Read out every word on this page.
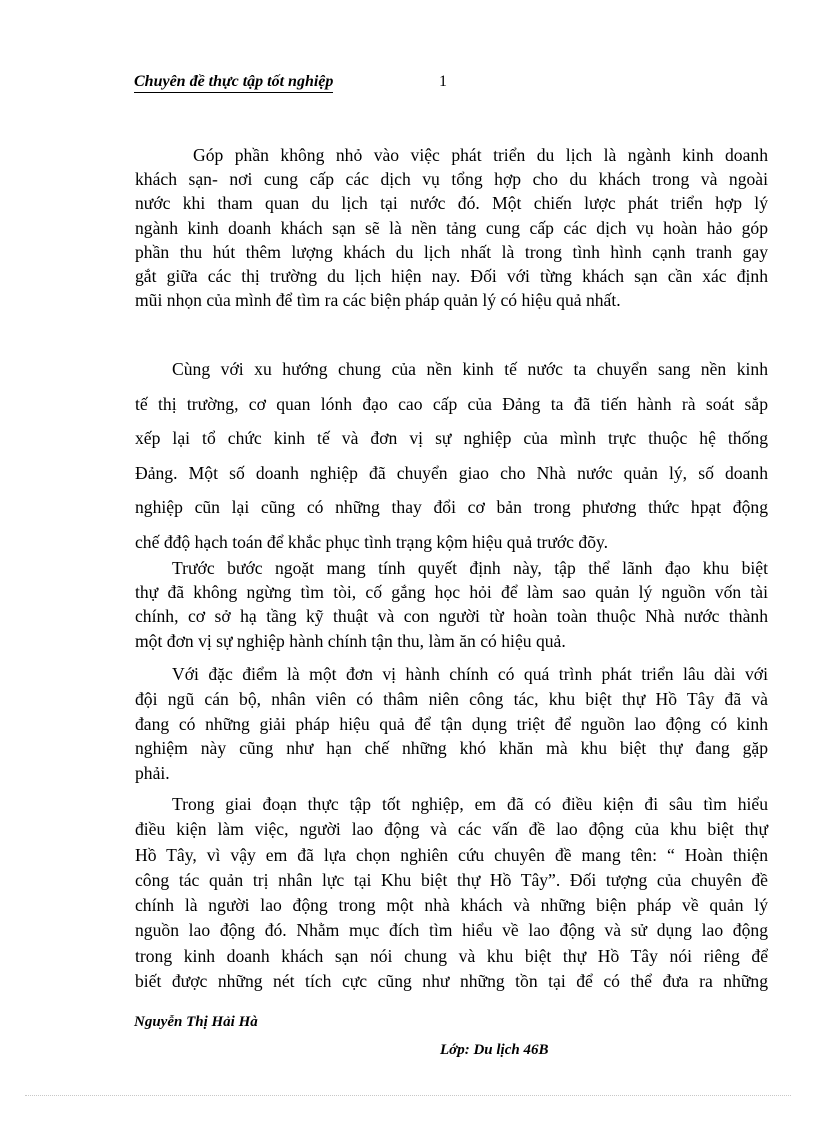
Chuyên đề thực tập tốt nghiệp	1
Góp phần không nhỏ vào việc phát triển du lịch là ngành kinh doanh
khách sạn- nơi cung cấp các dịch vụ tổng hợp cho du khách trong và ngoài
nước khi tham quan du lịch tại nước đó. Một chiến lược phát triển hợp lý
ngành kinh doanh khách sạn sẽ là nền tảng cung cấp các dịch vụ hoàn hảo góp
phần thu hút thêm lượng khách du lịch nhất là trong tình hình cạnh tranh gay
gắt giữa các thị trường du lịch hiện nay. Đối với từng khách sạn cần xác định
mũi nhọn của mình để tìm ra các biện pháp quản lý có hiệu quả nhất.
Cùng với xu hướng chung của nền kinh tế nước ta chuyển sang nền kinh
tế thị trường, cơ quan lónh đạo cao cấp của Đảng ta đã tiến hành rà soát sắp
xếp lại tổ chức kinh tế và đơn vị sự nghiệp của mình trực thuộc hệ thống
Đảng. Một số doanh nghiệp đã chuyển giao cho Nhà nước quản lý, số doanh
nghiệp cũn lại cũng có những thay đổi cơ bản trong phương thức hpạt động
chế đđộ hạch toán để khắc phục tình trạng kộm hiệu quả trước đõy.
Trước bước ngoặt mang tính quyết định này, tập thể lãnh đạo khu biệt
thự đã không ngừng tìm tòi, cố gắng học hỏi để làm sao quản lý nguồn vốn tài
chính, cơ sở hạ tầng kỹ thuật và con người từ hoàn toàn thuộc Nhà nước thành
một đơn vị sự nghiệp hành chính tận thu, làm ăn có hiệu quả.
Với đặc điểm là một đơn vị hành chính có quá trình phát triển lâu dài với
đội ngũ cán bộ, nhân viên có thâm niên công tác, khu biệt thự Hồ Tây đã và
đang có những giải pháp hiệu quả để tận dụng triệt để nguồn lao động có kinh
nghiệm này cũng như hạn chế những khó khăn mà khu biệt thự đang gặp
phải.
Trong giai đoạn thực tập tốt nghiệp, em đã có điều kiện đi sâu tìm hiểu
điều kiện làm việc, người lao động và các vấn đề lao động của khu biệt thự
Hồ Tây, vì vậy em đã lựa chọn nghiên cứu chuyên đề mang tên: “ Hoàn thiện
công tác quản trị nhân lực tại Khu biệt thự Hồ Tây”. Đối tượng của chuyên đề
chính là người lao động trong một nhà khách và những biện pháp về quản lý
nguồn lao động đó. Nhằm mục đích tìm hiểu về lao động và sử dụng lao động
trong kinh doanh khách sạn nói chung và khu biệt thự Hồ Tây nói riêng để
biết được những nét tích cực cũng như những tồn tại để có thể đưa ra những
Nguyễn Thị Hải Hà
Lớp: Du lịch 46B
